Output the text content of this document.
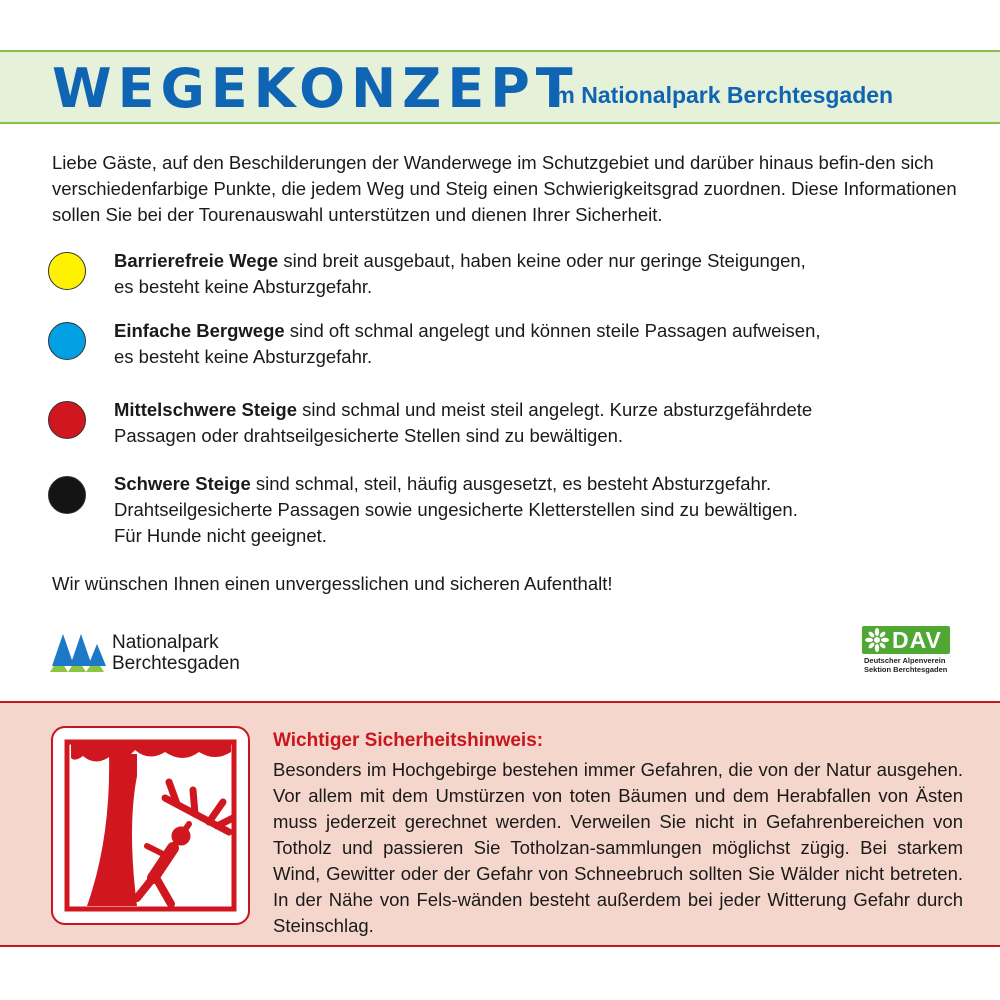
WEGEKONZEPT
im Nationalpark Berchtesgaden

Liebe Gäste, auf den Beschilderungen der Wanderwege im Schutzgebiet und darüber hinaus befin-den sich verschiedenfarbige Punkte, die jedem Weg und Steig einen Schwierigkeitsgrad zuordnen. Diese Informationen sollen Sie bei der Tourenauswahl unterstützen und dienen Ihrer Sicherheit.

Barrierefreie Wege sind breit ausgebaut, haben keine oder nur geringe Steigungen,
es besteht keine Absturzgefahr.
Einfache Bergwege sind oft schmal angelegt und können steile Passagen aufweisen,
es besteht keine Absturzgefahr.
Mittelschwere Steige sind schmal und meist steil angelegt. Kurze absturzgefährdete
Passagen oder drahtseilgesicherte Stellen sind zu bewältigen.
Schwere Steige sind schmal, steil, häufig ausgesetzt, es besteht Absturzgefahr.
Drahtseilgesicherte Passagen sowie ungesicherte Kletterstellen sind zu bewältigen.
Für Hunde nicht geeignet.
Wir wünschen Ihnen einen unvergesslichen und sicheren Aufenthalt!
Nationalpark
Berchtesgaden
DAV
Deutscher Alpenverein
Sektion Berchtesgaden
Wichtiger Sicherheitshinweis:

Besonders im Hochgebirge bestehen immer Gefahren, die von der Natur ausgehen. Vor allem mit dem Umstürzen von toten Bäumen und dem Herabfallen von Ästen muss jederzeit gerechnet werden. Verweilen Sie nicht in Gefahrenbereichen von Totholz und passieren Sie Totholzan-sammlungen möglichst zügig. Bei starkem Wind, Gewitter oder der Gefahr von Schneebruch sollten Sie Wälder nicht betreten. In der Nähe von Fels-wänden besteht außerdem bei jeder Witterung Gefahr durch Steinschlag.
